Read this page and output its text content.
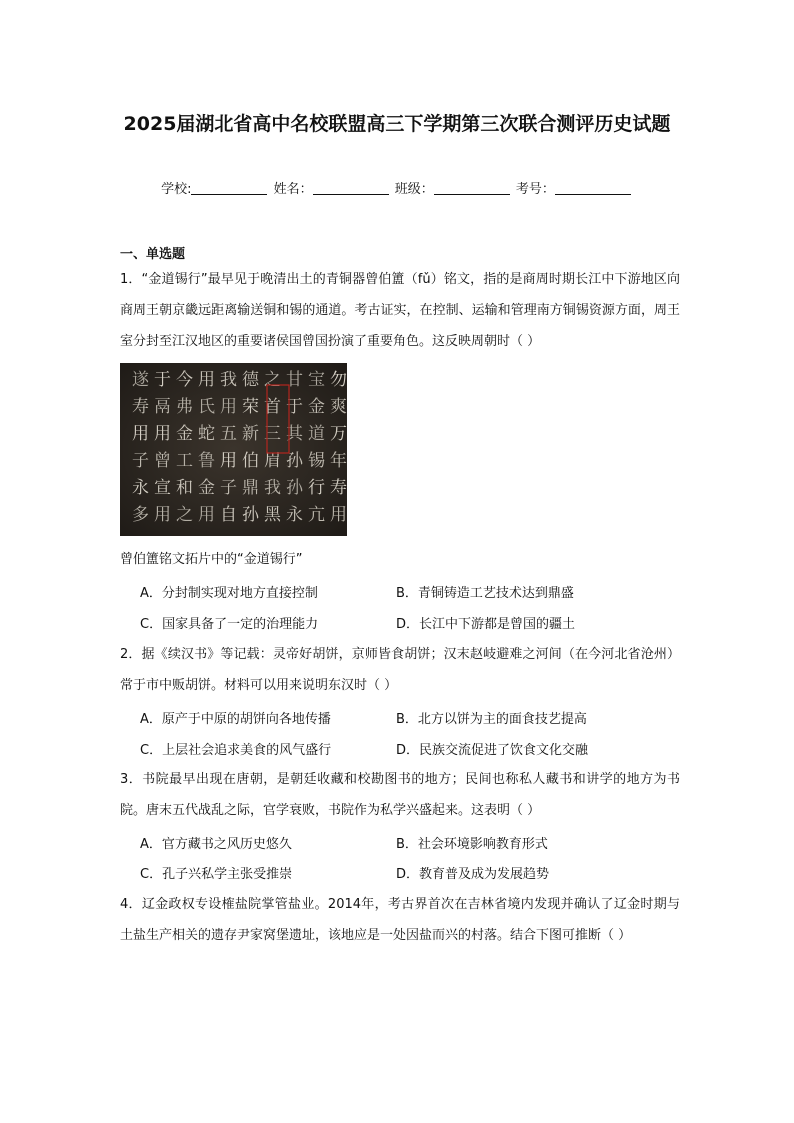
2025届湖北省高中名校联盟高三下学期第三次联合测评历史试题
学校:	姓名：	班级：	考号：
一、单选题
1．“金道锡行”最早见于晚清出土的青铜器曾伯簠（fǔ）铭文，指的是商周时期长江中下游地区向商周王朝京畿远距离输送铜和锡的通道。考古证实，在控制、运输和管理南方铜锡资源方面，周王室分封至江汉地区的重要诸侯国曾国扮演了重要角色。这反映周朝时（ ）
遂
寿
用
子
永
多
于
鬲
用
曾
宣
用
今
弗
金
工
和
之
用
氏
蛇
鲁
金
用
我
用
五
用
子
自
德
荣
新
伯
鼎
孙
之
首
三
眉
我
黑
甘
于
其
孙
孙
永
宝
金
道
锡
行
亢
勿
爽
万
年
寿
用
曾伯簠铭文拓片中的“金道锡行”
A．分封制实现对地方直接控制	B．青铜铸造工艺技术达到鼎盛
C．国家具备了一定的治理能力	D．长江中下游都是曾国的疆土
2．据《续汉书》等记载：灵帝好胡饼，京师皆食胡饼；汉末赵岐避难之河间（在今河北省沧州）常于市中贩胡饼。材料可以用来说明东汉时（ ）
A．原产于中原的胡饼向各地传播	B．北方以饼为主的面食技艺提高
C．上层社会追求美食的风气盛行	D．民族交流促进了饮食文化交融
3．书院最早出现在唐朝，是朝廷收藏和校勘图书的地方；民间也称私人藏书和讲学的地方为书院。唐末五代战乱之际，官学衰败，书院作为私学兴盛起来。这表明（ ）
A．官方藏书之风历史悠久	B．社会环境影响教育形式
C．孔子兴私学主张受推崇	D．教育普及成为发展趋势
4．辽金政权专设榷盐院掌管盐业。2014年，考古界首次在吉林省境内发现并确认了辽金时期与土盐生产相关的遗存尹家窝堡遗址，该地应是一处因盐而兴的村落。结合下图可推断（ ）
